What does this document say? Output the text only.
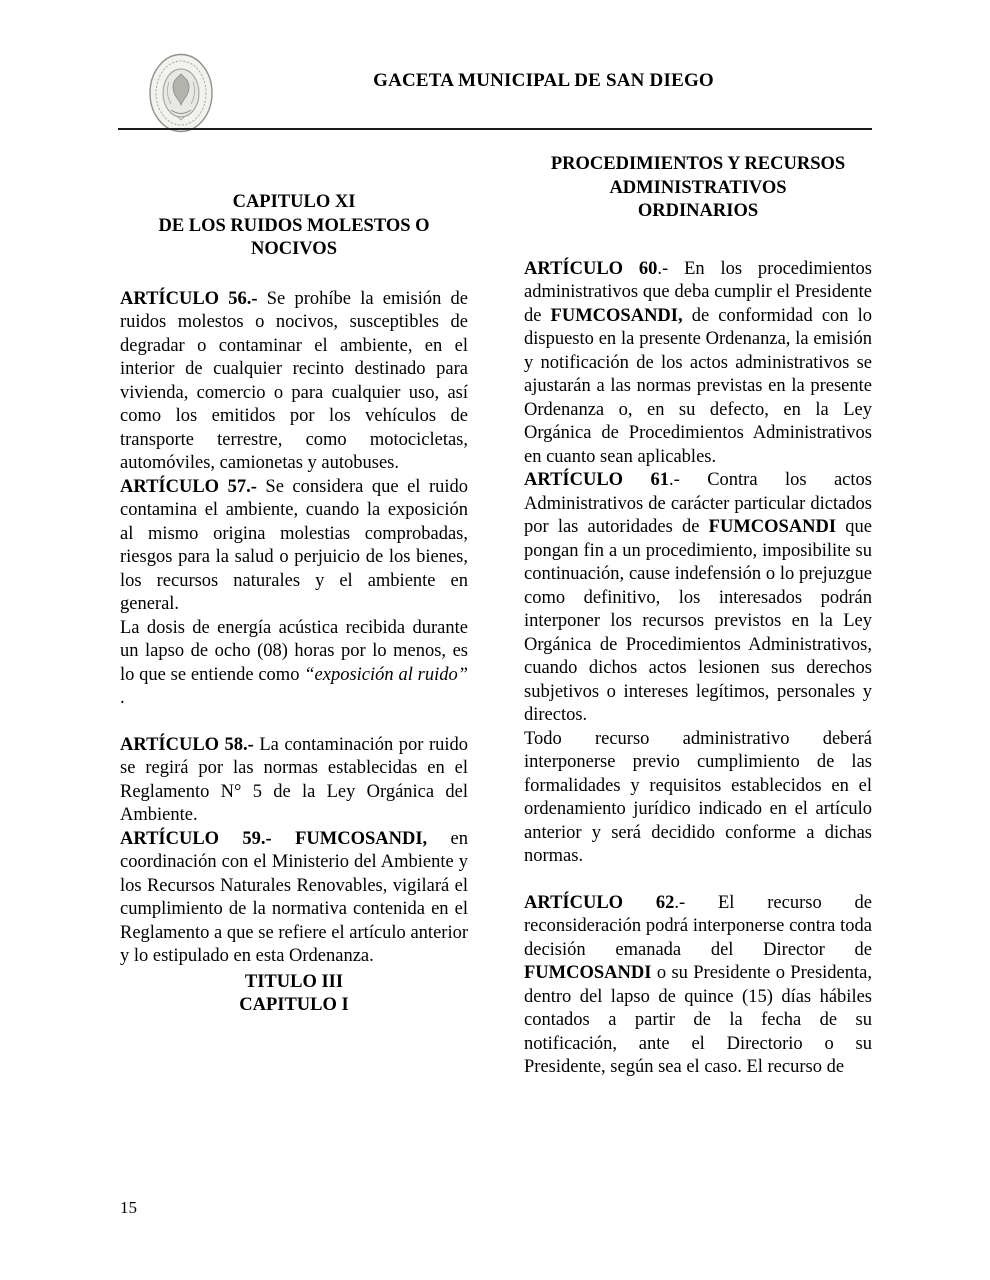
GACETA MUNICIPAL DE SAN DIEGO
CAPITULO XI
DE LOS RUIDOS MOLESTOS O NOCIVOS

ARTÍCULO 56.- Se prohíbe la emisión de ruidos molestos o nocivos, susceptibles de degradar o contaminar el ambiente, en el interior de cualquier recinto destinado para vivienda, comercio o para cualquier uso, así como los emitidos por los vehículos de transporte terrestre, como motocicletas, automóviles, camionetas y autobuses.

ARTÍCULO 57.- Se considera que el ruido contamina el ambiente, cuando la exposición al mismo origina molestias comprobadas, riesgos para la salud o perjuicio de los bienes, los recursos naturales y el ambiente en general.

La dosis de energía acústica recibida durante un lapso de ocho (08) horas por lo menos, es lo que se entiende como “exposición al ruido” .

ARTÍCULO 58.- La contaminación por ruido se regirá por las normas establecidas en el Reglamento N° 5 de la Ley Orgánica del Ambiente.

ARTÍCULO 59.- FUMCOSANDI, en coordinación con el Ministerio del Ambiente y los Recursos Naturales Renovables, vigilará el cumplimiento de la normativa contenida en el Reglamento a que se refiere el artículo anterior y lo estipulado en esta Ordenanza.

TITULO III
CAPITULO I
PROCEDIMIENTOS Y RECURSOS
ADMINISTRATIVOS
ORDINARIOS

ARTÍCULO 60.- En los procedimientos administrativos que deba cumplir el Presidente de FUMCOSANDI, de conformidad con lo dispuesto en la presente Ordenanza, la emisión y notificación de los actos administrativos se ajustarán a las normas previstas en la presente Ordenanza o, en su defecto, en la Ley Orgánica de Procedimientos Administrativos en cuanto sean aplicables.

ARTÍCULO 61.- Contra los actos Administrativos de carácter particular dictados por las autoridades de FUMCOSANDI que pongan fin a un procedimiento, imposibilite su continuación, cause indefensión o lo prejuzgue como definitivo, los interesados podrán interponer los recursos previstos en la Ley Orgánica de Procedimientos Administrativos, cuando dichos actos lesionen sus derechos subjetivos o intereses legítimos, personales y directos.

Todo recurso administrativo deberá interponerse previo cumplimiento de las formalidades y requisitos establecidos en el ordenamiento jurídico indicado en el artículo anterior y será decidido conforme a dichas normas.

ARTÍCULO 62.- El recurso de reconsideración podrá interponerse contra toda decisión emanada del Director de FUMCOSANDI o su Presidente o Presidenta, dentro del lapso de quince (15) días hábiles contados a partir de la fecha de su notificación, ante el Directorio o su Presidente, según sea el caso. El recurso de

15
